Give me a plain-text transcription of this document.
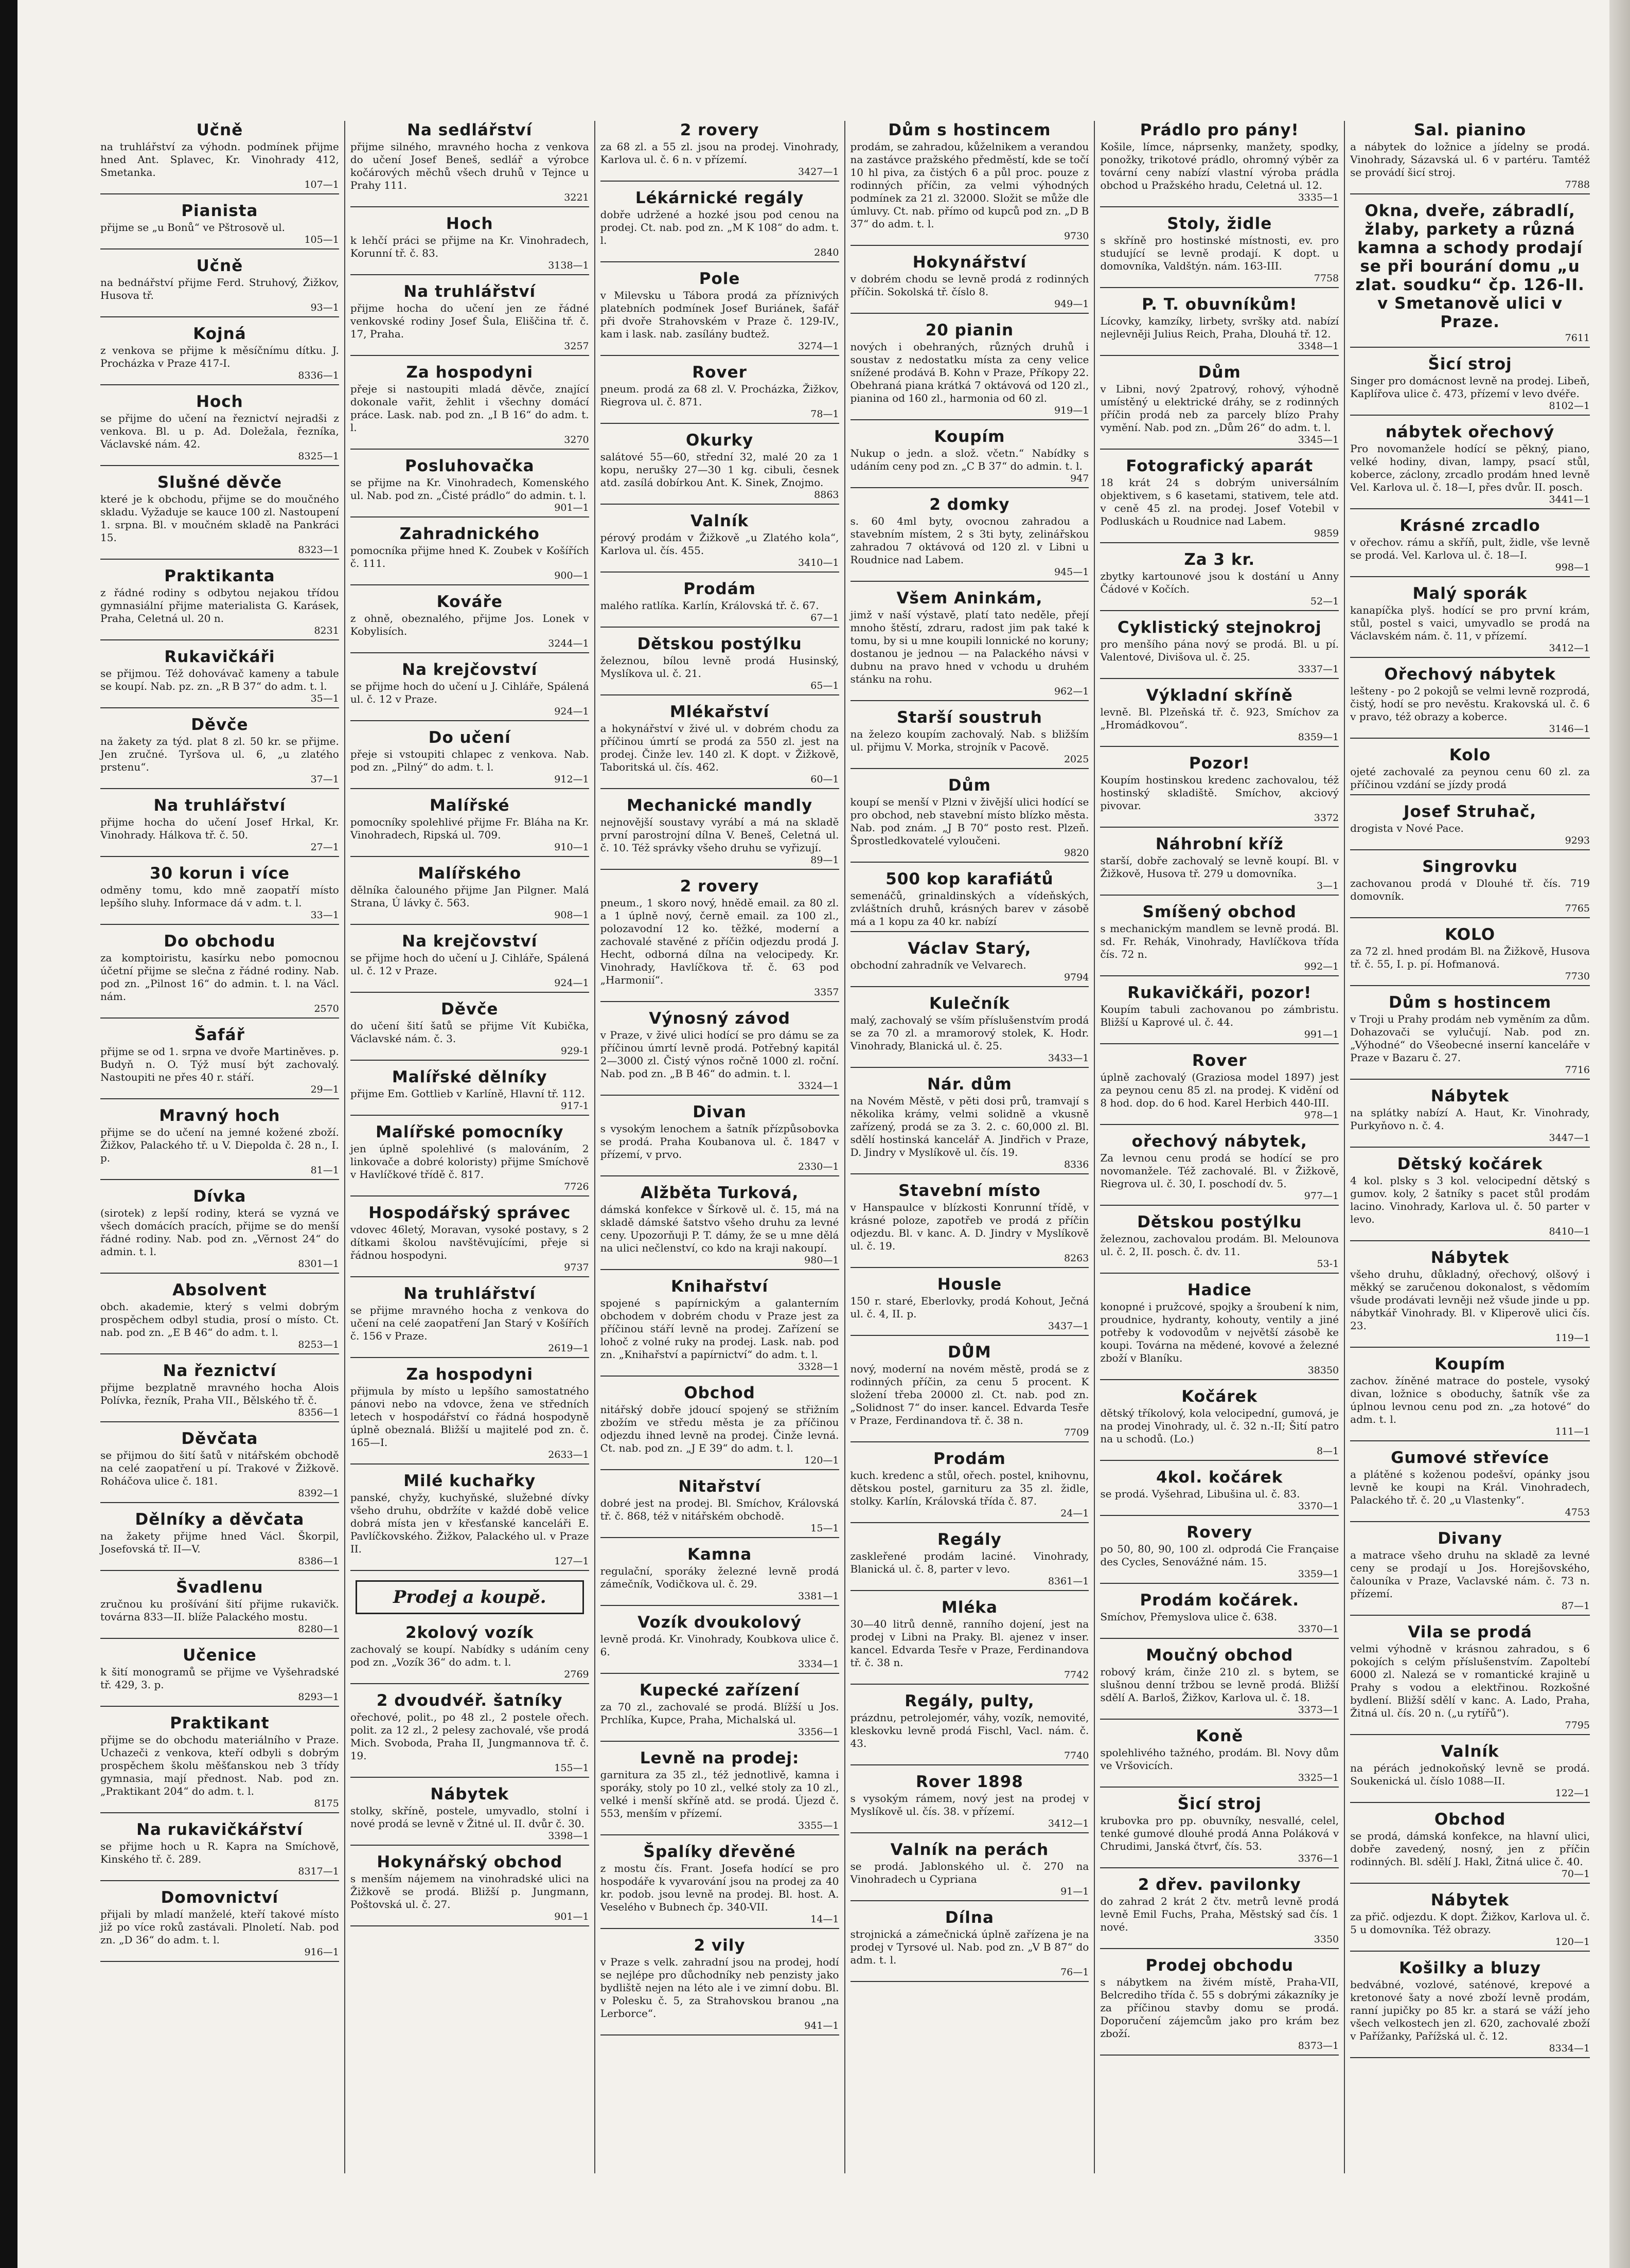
Učně

na truhlářství za výhodn. podmínek přijme hned Ant. Splavec, Kr. Vinohrady 412, Smetanka.

107—1
Pianista

přijme se „u Bonů“ ve Pštrosově ul.

105—1
Učně

na bednářství přijme Ferd. Struhový, Žižkov, Husova tř.

93—1
Kojná

z venkova se přijme k měsíčnímu dítku. J. Procházka v Praze 417-I.

8336—1
Hoch

se přijme do učení na řeznictví nejradši z venkova. Bl. u p. Ad. Doležala, řezníka, Václavské nám. 42.

8325—1
Slušné děvče

které je k obchodu, přijme se do moučného skladu. Vyžaduje se kauce 100 zl. Nastoupení 1. srpna. Bl. v moučném skladě na Pankráci 15.

8323—1
Praktikanta

z řádné rodiny s odbytou nejakou třídou gymnasiální přijme materialista G. Karásek, Praha, Celetná ul. 20 n.

8231
Rukavičkáři

se přijmou. Též dohovávač kameny a tabule se koupí. Nab. pz. zn. „R B 37“ do adm. t. l.

35—1
Děvče

na žakety za týd. plat 8 zl. 50 kr. se přijme. Jen zručné. Tyršova ul. 6, „u zlatého prstenu“.

37—1
Na truhlářství

přijme hocha do učení Josef Hrkal, Kr. Vinohrady. Hálkova tř. č. 50.

27—1
30 korun i více

odměny tomu, kdo mně zaopatří místo lepšího sluhy. Informace dá v adm. t. l.

33—1
Do obchodu

za komptoiristu, kasírku nebo pomocnou účetní přijme se slečna z řádné rodiny. Nab. pod zn. „Pilnost 16“ do admin. t. l. na Václ. nám.

2570
Šafář

přijme se od 1. srpna ve dvoře Martiněves. p. Budyň n. O. Týž musí být zachovalý. Nastoupiti ne přes 40 r. stáří.

29—1
Mravný hoch

přijme se do učení na jemné kožené zboží. Žižkov, Palackého tř. u V. Diepolda č. 28 n., I. p.

81—1
Dívka

(sirotek) z lepší rodiny, která se vyzná ve všech domácích pracích, přijme se do menší řádné rodiny. Nab. pod zn. „Věrnost 24“ do admin. t. l.

8301—1
Absolvent

obch. akademie, který s velmi dobrým prospěchem odbyl studia, prosí o místo. Ct. nab. pod zn. „E B 46“ do adm. t. l.

8253—1
Na řeznictví

přijme bezplatně mravného hocha Alois Polívka, řezník, Praha VII., Bělského tř. č.

8356—1
Děvčata

se přijmou do šití šatů v nitářském obchodě na celé zaopatření u pí. Trakové v Žižkově. Roháčova ulice č. 181.

8392—1
Dělníky a děvčata

na žakety přijme hned Václ. Škorpil, Josefovská tř. II—V.

8386—1
Švadlenu

zručnou ku prošívání šití přijme rukavičk. továrna 833—II. blíže Palackého mostu.

8280—1
Učenice

k šití monogramů se přijme ve Vyšehradské tř. 429, 3. p.

8293—1
Praktikant

přijme se do obchodu materiálního v Praze. Uchazeči z venkova, kteří odbyli s dobrým prospěchem školu měšťanskou neb 3 třídy gymnasia, mají přednost. Nab. pod zn. „Praktikant 204“ do adm. t. l.

8175
Na rukavičkářství

se přijme hoch u R. Kapra na Smíchově, Kinského tř. č. 289.

8317—1
Domovnictví

přijali by mladí manželé, kteří takové místo již po více roků zastávali. Plnoletí. Nab. pod zn. „D 36“ do adm. t. l.

916—1
Na sedlářství

přijme silného, mravného hocha z venkova do učení Josef Beneš, sedlář a výrobce kočárových měchů všech druhů v Tejnce u Prahy 111.

3221
Hoch

k lehčí práci se přijme na Kr. Vinohradech, Korunní tř. č. 83.

3138—1
Na truhlářství

přijme hocha do učení jen ze řádné venkovské rodiny Josef Šula, Eliščina tř. č. 17, Praha.

3257
Za hospodyni

přeje si nastoupiti mladá děvče, znající dokonale vařit, žehlit i všechny domácí práce. Lask. nab. pod zn. „I B 16“ do adm. t. l.

3270
Posluhovačka

se přijme na Kr. Vinohradech, Komenského ul. Nab. pod zn. „Čisté prádlo“ do admin. t. l.

901—1
Zahradnického

pomocníka přijme hned K. Zoubek v Košířích č. 111.

900—1
Kováře

z ohně, obeznalého, přijme Jos. Lonek v Kobylisích.

3244—1
Na krejčovství

se přijme hoch do učení u J. Cihláře, Spálená ul. č. 12 v Praze.

924—1
Do učení

přeje si vstoupiti chlapec z venkova. Nab. pod zn. „Pilný“ do adm. t. l.

912—1
Malířské

pomocníky spolehlivé přijme Fr. Bláha na Kr. Vinohradech, Ripská ul. 709.

910—1
Malířského

dělníka čalouného přijme Jan Pilgner. Malá Strana, Ú lávky č. 563.

908—1
Na krejčovství

se přijme hoch do učení u J. Cihláře, Spálená ul. č. 12 v Praze.

924—1
Děvče

do učení šití šatů se přijme Vít Kubička, Václavské nám. č. 3.

929-1
Malířské dělníky

přijme Em. Gottlieb v Karlíně, Hlavní tř. 112.

917-1
Malířské pomocníky

jen úplně spolehlivé (s malováním, 2 linkovače a dobré koloristy) přijme Smíchově v Havlíčkové třídě č. 817.

7726
Hospodářský správec

vdovec 46letý, Moravan, vysoké postavy, s 2 dítkami školou navštěvujícími, přeje si řádnou hospodyni.

9737
Na truhlářství

se přijme mravného hocha z venkova do učení na celé zaopatření Jan Starý v Košířích č. 156 v Praze.

2619—1
Za hospodyni

přijmula by místo u lepšího samostatného pánovi nebo na vdovce, žena ve středních letech v hospodářství co řádná hospodyně úplně obeznalá. Bližší u majitelé pod zn. č. 165—I.

2633—1
Milé kuchařky

panské, chyžy, kuchyňské, služebné dívky všeho druhu, obdržíte v každé době velice dobrá místa jen v křesťanské kanceláři E. Pavlíčkovského. Žižkov, Palackého ul. v Praze II.

127—1
Prodej a koupě.
2kolový vozík

zachovalý se koupí. Nabídky s udáním ceny pod zn. „Vozík 36“ do adm. t. l.

2769
2 dvoudvéř. šatníky

ořechové, polit., po 48 zl., 2 postele ořech. polit. za 12 zl., 2 pelesy zachovalé, vše prodá Mich. Svoboda, Praha II, Jungmannova tř. č. 19.

155—1
Nábytek

stolky, skříně, postele, umyvadlo, stolní i nové prodá se levně v Žitné ul. II. dvůr č. 30.

3398—1
Hokynářský obchod

s menším nájemem na vinohradské ulici na Žižkově se prodá. Bližší p. Jungmann, Poštovská ul. č. 27.

901—1
2 rovery

za 68 zl. a 55 zl. jsou na prodej. Vinohrady, Karlova ul. č. 6 n. v přízemí.

3427—1
Lékárnické regály

dobře udržené a hozké jsou pod cenou na prodej. Ct. nab. pod zn. „M K 108“ do adm. t. l.

2840
Pole

v Milevsku u Tábora prodá za příznivých platebních podmínek Josef Buriánek, šafář při dvoře Strahovském v Praze č. 129-IV., kam i lask. nab. zasílány budtež.

3274—1
Rover

pneum. prodá za 68 zl. V. Procházka, Žižkov, Riegrova ul. č. 871.

78—1
Okurky

salátové 55—60, střední 32, malé 20 za 1 kopu, nerušky 27—30 1 kg. cibuli, česnek atd. zasílá dobírkou Ant. K. Sinek, Znojmo.

8863
Valník

pérový prodám v Žižkově „u Zlatého kola“, Karlova ul. čís. 455.

3410—1
Prodám

malého ratlíka. Karlín, Královská tř. č. 67.

67—1
Dětskou postýlku

železnou, bílou levně prodá Husinský, Myslíkova ul. č. 21.

65—1
Mlékařství

a hokynářství v živé ul. v dobrém chodu za příčinou úmrtí se prodá za 550 zl. jest na prodej. Činže lev. 140 zl. K dopt. v Žižkově, Taboritská ul. čís. 462.

60—1
Mechanické mandly

nejnovější soustavy vyrábí a má na skladě první parostrojní dílna V. Beneš, Celetná ul. č. 10. Též správky všeho druhu se vyřizují.

89—1
2 rovery

pneum., 1 skoro nový, hnědě email. za 80 zl. a 1 úplně nový, černě email. za 100 zl., polozavodní 12 ko. těžké, moderní a zachovalé stavěné z příčin odjezdu prodá J. Hecht, odborná dílna na velocipedy. Kr. Vinohrady, Havlíčkova tř. č. 63 pod „Harmonií“.

3357
Výnosný závod

v Praze, v živé ulici hodící se pro dámu se za příčinou úmrtí levně prodá. Potřebný kapitál 2—3000 zl. Čistý výnos ročně 1000 zl. roční. Nab. pod zn. „B B 46“ do admin. t. l.

3324—1
Divan

s vysokým lenochem a šatník přízpůsobovka se prodá. Praha Koubanova ul. č. 1847 v přízemí, v prvo.

2330—1
Alžběta Turková,

dámská konfekce v Šírkově ul. č. 15, má na skladě dámské šatstvo všeho druhu za levné ceny. Upozorňuji P. T. dámy, že se u mne dělá na ulici nečlenství, co kdo na kraji nakoupí.

980—1
Knihařství

spojené s papírnickým a galanterním obchodem v dobrém chodu v Praze jest za příčinou stáří levně na prodej. Zařízení se lohoč z volné ruky na prodej. Lask. nab. pod zn. „Knihařství a papírnictví“ do adm. t. l.

3328—1
Obchod

nitářský dobře jdoucí spojený se střižním zbožím ve středu města je za příčinou odjezdu ihned levně na prodej. Činže levná. Ct. nab. pod zn. „J E 39“ do adm. t. l.

120—1
Nitařství

dobré jest na prodej. Bl. Smíchov, Královská tř. č. 868, též v nitářském obchodě.

15—1
Kamna

regulační, sporáky železné levně prodá zámečník, Vodičkova ul. č. 29.

3381—1
Vozík dvoukolový

levně prodá. Kr. Vinohrady, Koubkova ulice č. 6.

3334—1
Kupecké zařízení

za 70 zl., zachovalé se prodá. Blížší u Jos. Prchlíka, Kupce, Praha, Michalská ul.

3356—1
Levně na prodej:

garnitura za 35 zl., též jednotlivě, kamna i sporáky, stoly po 10 zl., velké stoly za 10 zl., velké i menší skříně atd. se prodá. Újezd č. 553, menším v přízemí.

3355—1
Špalíky dřevěné

z mostu čís. Frant. Josefa hodící se pro hospodáře k vyvarování jsou na prodej za 40 kr. podob. jsou levně na prodej. Bl. host. A. Veselého v Bubnech čp. 340-VII.

14—1
2 vily

v Praze s velk. zahradní jsou na prodej, hodí se nejlépe pro důchodníky neb penzisty jako bydliště nejen na léto ale i ve zimní dobu. Bl. v Polesku č. 5, za Strahovskou branou „na Lerborce“.

941—1
Dům s hostincem

prodám, se zahradou, kůželnikem a verandou na zastávce pražského předměstí, kde se točí 10 hl piva, za čistých 6 a půl proc. pouze z rodinných příčin, za velmi výhodných podmínek za 21 zl. 32000. Složit se může dle úmluvy. Ct. nab. přímo od kupců pod zn. „D B 37“ do adm. t. l.

9730
Hokynářství

v dobrém chodu se levně prodá z rodinných příčin. Sokolská tř. číslo 8.

949—1
20 pianin

nových i obehraných, různých druhů i soustav z nedostatku místa za ceny velice snížené prodává B. Kohn v Praze, Příkopy 22. Obehraná piana krátká 7 oktávová od 120 zl., pianina od 160 zl., harmonia od 60 zl.

919—1
Koupím

Nukup o jedn. a slož. včetn.“ Nabídky s udáním ceny pod zn. „C B 37“ do admin. t. l.

947
2 domky

s. 60 4ml byty, ovocnou zahradou a stavebním místem, 2 s 3ti byty, zelinářskou zahradou 7 oktávová od 120 zl. v Libni u Roudnice nad Labem.

945—1
Všem Aninkám,

jimž v naší výstavě, platí tato neděle, přejí mnoho štěstí, zdraru, radost jim pak také k tomu, by si u mne koupili lonnické no koruny; dostanou je jednou — na Palackého návsi v dubnu na pravo hned v vchodu u druhém stánku na rohu.

962—1
Starší soustruh

na železo koupím zachovalý. Nab. s bližším ul. přijmu V. Morka, strojník v Pacově.

2025
Dům

koupí se menší v Plzni v živější ulici hodící se pro obchod, neb stavební místo blízko města. Nab. pod znám. „J B 70“ posto rest. Plzeň. Šprostledkovatelé vyloučeni.

9820
500 kop karafiátů

semenáčů, grinaldinských a vídeňských, zvláštních druhů, krásných barev v zásobě má a 1 kopu za 40 kr. nabízí

Václav Starý,

obchodní zahradník ve Velvarech.

9794
Kulečník

malý, zachovalý se vším příslušenstvím prodá se za 70 zl. a mramorový stolek, K. Hodr. Vinohrady, Blanická ul. č. 25.

3433—1
Nár. dům

na Novém Městě, v pěti dosi prů, tramvají s několika krámy, velmi solidně a vkusně zařízený, prodá se za 3. 2. c. 60,000 zl. Bl. sdělí hostinská kancelář A. Jindřich v Praze, D. Jindry v Myslíkově ul. čís. 19.

8336
Stavební místo

v Hanspaulce v blízkosti Konrunní třídě, v krásné poloze, zapotřeb ve prodá z příčin odjezdu. Bl. v kanc. A. D. Jindry v Myslíkově ul. č. 19.

8263
Housle

150 r. staré, Eberlovky, prodá Kohout, Ječná ul. č. 4, II. p.

3437—1
DŮM

nový, moderní na novém městě, prodá se z rodinných příčin, za cenu 5 procent. K složení třeba 20000 zl. Ct. nab. pod zn. „Solidnost 7“ do inser. kancel. Edvarda Tesře v Praze, Ferdinandova tř. č. 38 n.

7709
Prodám

kuch. kredenc a stůl, ořech. postel, knihovnu, dětskou postel, garnituru za 35 zl. židle, stolky. Karlín, Královská třída č. 87.

24—1
Regály

zaskleřené prodám laciné. Vinohrady, Blanická ul. č. 8, parter v levo.

8361—1
Mléka

30—40 litrů denně, ranního dojení, jest na prodej v Libni na Praky. Bl. ajenez v inser. kancel. Edvarda Tesře v Praze, Ferdinandova tř. č. 38 n.

7742
Regály, pulty,

prázdnu, petrolejomér, váhy, vozík, nemovité, kleskovku levně prodá Fischl, Vacl. nám. č. 43.

7740
Rover 1898

s vysokým rámem, nový jest na prodej v Myslíkově ul. čís. 38. v přízemí.

3412—1
Valník na perách

se prodá. Jablonského ul. č. 270 na Vinohradech u Cypriana

91—1
Dílna

strojnická a zámečnická úplně zařízena je na prodej v Tyrsové ul. Nab. pod zn. „V B 87“ do adm. t. l.

76—1
Prádlo pro pány!

Košile, límce, náprsenky, manžety, spodky, ponožky, trikotové prádlo, ohromný výběr za tovární ceny nabízí vlastní výroba prádla obchod u Pražského hradu, Celetná ul. 12.

3335—1
Stoly, židle

s skříně pro hostinské místnosti, ev. pro studující se levně prodají. K dopt. u domovníka, Valdštýn. nám. 163-III.

7758
P. T. obuvníkům!

Lícovky, kamzíky, lirbety, svršky atd. nabízí nejlevněji Julius Reich, Praha, Dlouhá tř. 12.

3348—1
Dům

v Libni, nový 2patrový, rohový, výhodně umístěný u elektrické dráhy, se z rodinných příčin prodá neb za parcely blízo Prahy vymění. Nab. pod zn. „Dům 26“ do adm. t. l.

3345—1
Fotografický aparát

18 krát 24 s dobrým universálním objektivem, s 6 kasetami, stativem, tele atd. v ceně 45 zl. na prodej. Josef Votebil v Podluskách u Roudnice nad Labem.

9859
Za 3 kr.

zbytky kartounové jsou k dostání u Anny Čádové v Kočích.

52—1
Cyklistický stejnokroj

pro menšího pána nový se prodá. Bl. u pí. Valentové, Divišova ul. č. 25.

3337—1
Výkladní skříně

levně. Bl. Plzeňská tř. č. 923, Smíchov za „Hromádkovou“.

8359—1
Pozor!

Koupím hostinskou kredenc zachovalou, též hostinský skladiště. Smíchov, akciový pivovar.

3372
Náhrobní kříž

starší, dobře zachovalý se levně koupí. Bl. v Žižkově, Husova tř. 279 u domovníka.

3—1
Smíšený obchod

s mechanickým mandlem se levně prodá. Bl. sd. Fr. Rehák, Vinohrady, Havlíčkova třída čís. 72 n.

992—1
Rukavičkáři, pozor!

Koupím tabuli zachovanou po zámbristu. Bližší u Kaprové ul. č. 44.

991—1
Rover

úplně zachovalý (Graziosa model 1897) jest za peynou cenu 85 zl. na prodej. K vidění od 8 hod. dop. do 6 hod. Karel Herbich 440-III.

978—1
ořechový nábytek,

Za levnou cenu prodá se hodící se pro novomanžele. Též zachovalé. Bl. v Žižkově, Riegrova ul. č. 30, I. poschodí dv. 5.

977—1
Dětskou postýlku

železnou, zachovalou prodám. Bl. Melounova ul. č. 2, II. posch. č. dv. 11.

53-1
Hadice

konopné i pružcové, spojky a šroubení k nim, proudnice, hydranty, kohouty, ventily a jiné potřeby k vodovodům v největší zásobě ke koupi. Továrna na mědené, kovové a železné zboží v Blaníku.

38350
Kočárek

dětský tříkolový, kola velocipední, gumová, je na prodej Vinohrady, ul. č. 32 n.-II; Šití patro na u schodů. (Lo.)

8—1
4kol. kočárek

se prodá. Vyšehrad, Libušina ul. č. 83.

3370—1
Rovery

po 50, 80, 90, 100 zl. odprodá Cie Française des Cycles, Senovážné nám. 15.

3359—1
Prodám kočárek.

Smíchov, Přemyslova ulice č. 638.

3370—1
Moučný obchod

robový krám, činže 210 zl. s bytem, se slušnou denní tržbou se levně prodá. Bližší sdělí A. Barloš, Žižkov, Karlova ul. č. 18.

3373—1
Koně

spolehlivého tažného, prodám. Bl. Novy dům ve Vršovicích.

3325—1
Šicí stroj

krubovka pro pp. obuvníky, nesvallé, celel, tenké gumové dlouhé prodá Anna Poláková v Chrudimi, Janská čtvrť, čís. 53.

3376—1
2 dřev. pavilonky

do zahrad 2 krát 2 čtv. metrů levně prodá levně Emil Fuchs, Praha, Městský sad čís. 1 nové.

3350
Prodej obchodu

s nábytkem na živém místě, Praha-VII, Belcrediho třída č. 55 s dobrými zákazníky je za příčinou stavby domu se prodá. Doporučení zájemcům jako pro krám bez zboží.

8373—1
Sal. pianino

a nábytek do ložnice a jídelny se prodá. Vinohrady, Sázavská ul. 6 v partéru. Tamtéž se provádí šicí stroj.

7788
Okna, dveře, zábradlí, žlaby, parkety a různá kamna a schody prodají se při bourání domu „u zlat. soudku“ čp. 126-II. v Smetanově ulici v Praze.
7611
Šicí stroj

Singer pro domácnost levně na prodej. Libeň, Kaplířova ulice č. 473, přízemí v levo dvéře.

8102—1
nábytek ořechový

Pro novomanžele hodící se pěkný, piano, velké hodiny, divan, lampy, psací stůl, koberce, záclony, zrcadlo prodám hned levně Vel. Karlova ul. č. 18—I, přes dvůr. II. posch.

3441—1
Krásné zrcadlo

v ořechov. rámu a skříň, pult, židle, vše levně se prodá. Vel. Karlova ul. č. 18—I.

998—1
Malý sporák

kanapíčka plyš. hodící se pro první krám, stůl, postel s vaici, umyvadlo se prodá na Václavském nám. č. 11, v přízemí.

3412—1
Ořechový nábytek

lešteny - po 2 pokojů se velmi levně rozprodá, čistý, hodí se pro nevěstu. Krakovská ul. č. 6 v pravo, též obrazy a koberce.

3146—1
Kolo

ojeté zachovalé za peynou cenu 60 zl. za příčinou vzdání se jízdy prodá

Josef Struhač,

drogista v Nové Pace.

9293
Singrovku

zachovanou prodá v Dlouhé tř. čís. 719 domovník.

7765
KOLO

za 72 zl. hned prodám Bl. na Žižkově, Husova tř. č. 55, I. p. pí. Hofmanová.

7730
Dům s hostincem

v Troji u Prahy prodám neb vyměním za dům. Dohazovači se vylučují. Nab. pod zn. „Výhodné“ do Všeobecné inserní kanceláře v Praze v Bazaru č. 27.

7716
Nábytek

na splátky nabízí A. Haut, Kr. Vinohrady, Purkyňovo n. č. 4.

3447—1
Dětský kočárek

4 kol. plsky s 3 kol. velocipední dětský s gumov. koly, 2 šatníky s pacet stůl prodám lacino. Vinohrady, Karlova ul. č. 50 parter v levo.

8410—1
Nábytek

všeho druhu, důkladný, ořechový, olšový i měkký se zaručenou dokonalost, s vědomím všude prodávati levněji než všude jinde u pp. nábytkář Vinohrady. Bl. v Kliperově ulici čís. 23.

119—1
Koupím

zachov. žíněné matrace do postele, vysoký divan, ložnice s oboduchy, šatník vše za úplnou levnou cenu pod zn. „za hotové“ do adm. t. l.

111—1
Gumové střevíce

a plátěné s koženou podešví, opánky jsou levně ke koupi na Král. Vinohradech, Palackého tř. č. 20 „u Vlastenky“.

4753
Divany

a matrace všeho druhu na skladě za levné ceny se prodají u Jos. Horejšovského, čalouníka v Praze, Vaclavské nám. č. 73 n. přízemí.

87—1
Vila se prodá

velmi výhodně v krásnou zahradou, s 6 pokojích s celým příslušenstvím. Zapoltebí 6000 zl. Nalezá se v romantické krajině u Prahy s vodou a elektřinou. Rozkošné bydlení. Bližší sdělí v kanc. A. Lado, Praha, Žitná ul. čís. 20 n. („u rytířů“).

7795
Valník

na pérách jednokoňský levně se prodá. Soukenická ul. číslo 1088—II.

122—1
Obchod

se prodá, dámská konfekce, na hlavní ulici, dobře zavedený, nosný, jen z příčin rodinných. Bl. sdělí J. Hakl, Žitná ulice č. 40.

70—1
Nábytek

za přič. odjezdu. K dopt. Žižkov, Karlova ul. č. 5 u domovníka. Též obrazy.

120—1
Košilky a bluzy

bedvábné, vozlové, saténové, krepové a kretonové šaty a nové zboží levně prodám, ranní jupičky po 85 kr. a stará se váží jeho všech velkostech jen zl. 620, zachovalé zboží v Pařížanky, Pařížská ul. č. 12.

8334—1
